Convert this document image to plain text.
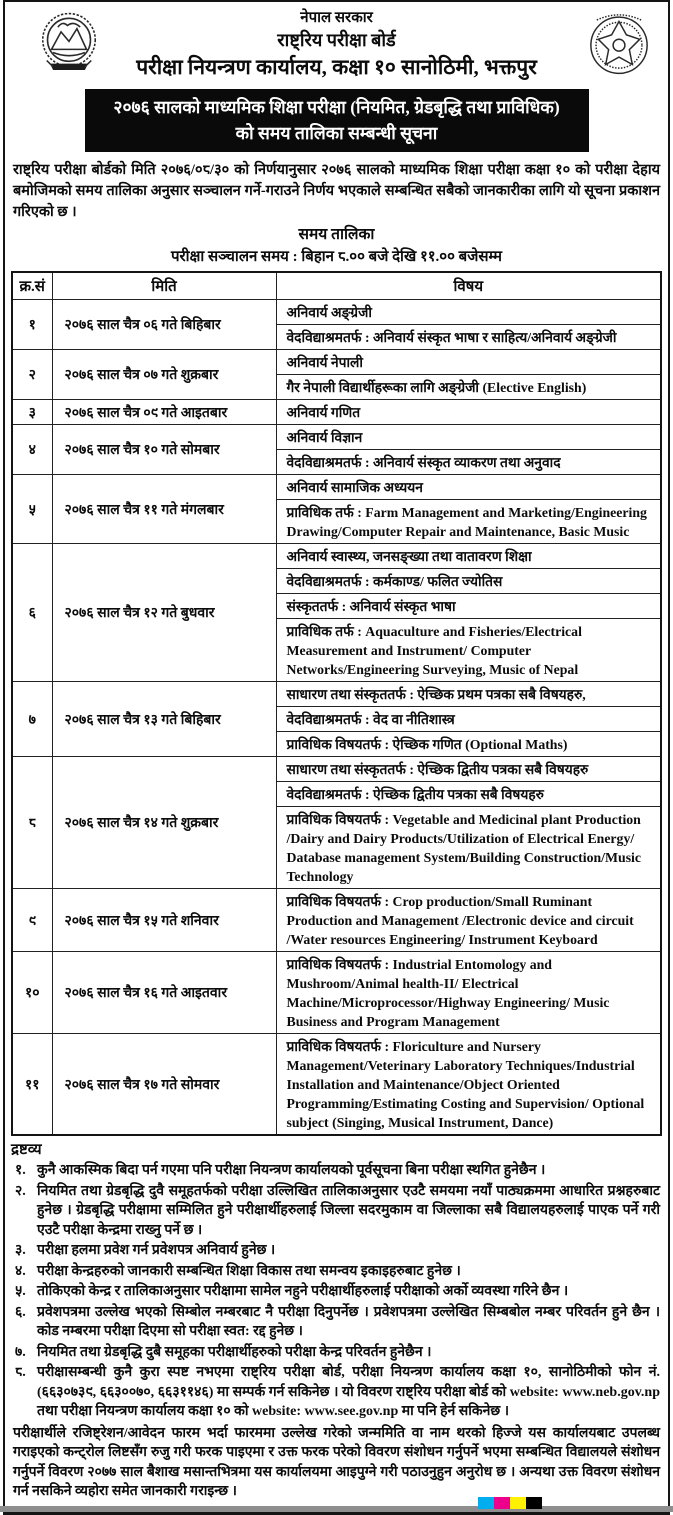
नेपाल सरकार
राष्ट्रिय परीक्षा बोर्ड
परीक्षा नियन्त्रण कार्यालय, कक्षा १० सानोठिमी, भक्तपुर
२०७६ सालको माध्यमिक शिक्षा परीक्षा (नियमित, ग्रेडबृद्धि तथा प्राविधिक)
को समय तालिका सम्बन्धी सूचना

राष्ट्रिय परीक्षा बोर्डको मिति २०७६/०८/३० को निर्णयानुसार २०७६ सालको माध्यमिक शिक्षा परीक्षा कक्षा १० को परीक्षा देहाय बमोजिमको समय तालिका अनुसार सञ्चालन गर्ने-गराउने निर्णय भएकाले सम्बन्धित सबैको जानकारीका लागि यो सूचना प्रकाशन गरिएको छ ।

समय तालिका
परीक्षा सञ्चालन समय : बिहान ८.०० बजे देखि ११.०० बजेसम्म
क्र.सं	मिति	विषय
१	२०७६ साल चैत्र ०६ गते बिहिबार	अनिवार्य अङ्ग्रेजी
		वेदविद्याश्रमतर्फ : अनिवार्य संस्कृत भाषा र साहित्य/अनिवार्य अङ्ग्रेजी
२	२०७६ साल चैत्र ०७ गते शुक्रबार	अनिवार्य नेपाली
		गैर नेपाली विद्यार्थीहरूका लागि अङ्ग्रेजी (Elective English)
३	२०७६ साल चैत्र ०९ गते आइतबार	अनिवार्य गणित
४	२०७६ साल चैत्र १० गते सोमबार	अनिवार्य विज्ञान
		वेदविद्याश्रमतर्फ : अनिवार्य संस्कृत व्याकरण तथा अनुवाद
५	२०७६ साल चैत्र ११ गते मंगलबार	अनिवार्य सामाजिक अध्ययन
		प्राविधिक तर्फ : Farm Management and Marketing/Engineering Drawing/Computer Repair and Maintenance, Basic Music
६	२०७६ साल चैत्र १२ गते बुधवार	अनिवार्य स्वास्थ्य, जनसङ्ख्या तथा वातावरण शिक्षा
		वेदविद्याश्रमतर्फ : कर्मकाण्ड/ फलित ज्योतिस
		संस्कृततर्फ : अनिवार्य संस्कृत भाषा
		प्राविधिक तर्फ : Aquaculture and Fisheries/Electrical Measurement and Instrument/ Computer Networks/Engineering Surveying, Music of Nepal
७	२०७६ साल चैत्र १३ गते बिहिबार	साधारण तथा संस्कृततर्फ : ऐच्छिक प्रथम पत्रका सबै विषयहरु,
		वेदविद्याश्रमतर्फ : वेद वा नीतिशास्त्र
		प्राविधिक विषयतर्फ : ऐच्छिक गणित (Optional Maths)
८	२०७६ साल चैत्र १४ गते शुक्रबार	साधारण तथा संस्कृततर्फ : ऐच्छिक द्वितीय पत्रका सबै विषयहरु
		वेदविद्याश्रमतर्फ : ऐच्छिक द्वितीय पत्रका सबै विषयहरु
		प्राविधिक विषयतर्फ : Vegetable and Medicinal plant Production /Dairy and Dairy Products/Utilization of Electrical Energy/ Database management System/Building Construction/Music Technology
९	२०७६ साल चैत्र १५ गते शनिवार	प्राविधिक विषयतर्फ : Crop production/Small Ruminant Production and Management /Electronic device and circuit /Water resources Engineering/ Instrument Keyboard
१०	२०७६ साल चैत्र १६ गते आइतवार	प्राविधिक विषयतर्फ : Industrial Entomology and Mushroom/Animal health-II/ Electrical Machine/Microprocessor/Highway Engineering/ Music Business and Program Management
११	२०७६ साल चैत्र १७ गते सोमवार	प्राविधिक विषयतर्फ : Floriculture and Nursery Management/Veterinary Laboratory Techniques/Industrial Installation and Maintenance/Object Oriented Programming/Estimating Costing and Supervision/ Optional subject (Singing, Musical Instrument, Dance)
द्रष्टव्य
१. कुनै आकस्मिक बिदा पर्न गएमा पनि परीक्षा नियन्त्रण कार्यालयको पूर्वसूचना बिना परीक्षा स्थगित हुनेछैन ।
२. नियमित तथा ग्रेडबृद्धि दुवै समूहतर्फको परीक्षा उल्लिखित तालिकाअनुसार एउटै समयमा नयाँ पाठ्यक्रममा आधारित प्रश्नहरुबाट हुनेछ । ग्रेडबृद्धि परीक्षामा सम्मिलित हुने परीक्षार्थीहरुलाई जिल्ला सदरमुकाम वा जिल्लाका सबै विद्यालयहरुलाई पाएक पर्ने गरी एउटै परीक्षा केन्द्रमा राख्नु पर्ने छ ।
३. परीक्षा हलमा प्रवेश गर्न प्रवेशपत्र अनिवार्य हुनेछ ।
४. परीक्षा केन्द्रहरुको जानकारी सम्बन्धित शिक्षा विकास तथा समन्वय इकाइहरुबाट हुनेछ ।
५. तोकिएको केन्द्र र तालिकाअनुसार परीक्षामा सामेल नहुने परीक्षार्थीहरुलाई परीक्षाको अर्को व्यवस्था गरिने छैन ।
६. प्रवेशपत्रमा उल्लेख भएको सिम्बोल नम्बरबाट नै परीक्षा दिनुपर्नेछ । प्रवेशपत्रमा उल्लेखित सिम्बबोल नम्बर परिवर्तन हुने छैन । कोड नम्बरमा परीक्षा दिएमा सो परीक्षा स्वत: रद्द हुनेछ ।
७. नियमित तथा ग्रेडबृद्धि दुबै समूहका परीक्षार्थीहरुको परीक्षा केन्द्र परिवर्तन हुनेछैन ।
८. परीक्षासम्बन्धी कुनै कुरा स्पष्ट नभएमा राष्ट्रिय परीक्षा बोर्ड, परीक्षा नियन्त्रण कार्यालय कक्षा १०, सानोठिमीको फोन नं. (६६३०७३९, ६६३००७०, ६६३११४६) मा सम्पर्क गर्न सकिनेछ । यो विवरण राष्ट्रिय परीक्षा बोर्ड को website: www.neb.gov.np तथा परीक्षा नियन्त्रण कार्यालय कक्षा १० को website: www.see.gov.np मा पनि हेर्न सकिनेछ ।

परीक्षार्थीले रजिष्ट्रेशन/आवेदन फारम भर्दा फारममा उल्लेख गरेको जन्ममिति वा नाम थरको हिज्जे यस कार्यालयबाट उपलब्ध गराइएको कन्ट्रोल लिष्टसँग रुजु गरी फरक पाइएमा र उक्त फरक परेको विवरण संशोधन गर्नुपर्ने भएमा सम्बन्धित विद्यालयले संशोधन गर्नुपर्ने विवरण २०७७ साल बैशाख मसान्तभित्रमा यस कार्यालयमा आइपुग्ने गरी पठाउनुहुन अनुरोध छ । अन्यथा उक्त विवरण संशोधन गर्न नसकिने व्यहोरा समेत जानकारी गराइन्छ ।
